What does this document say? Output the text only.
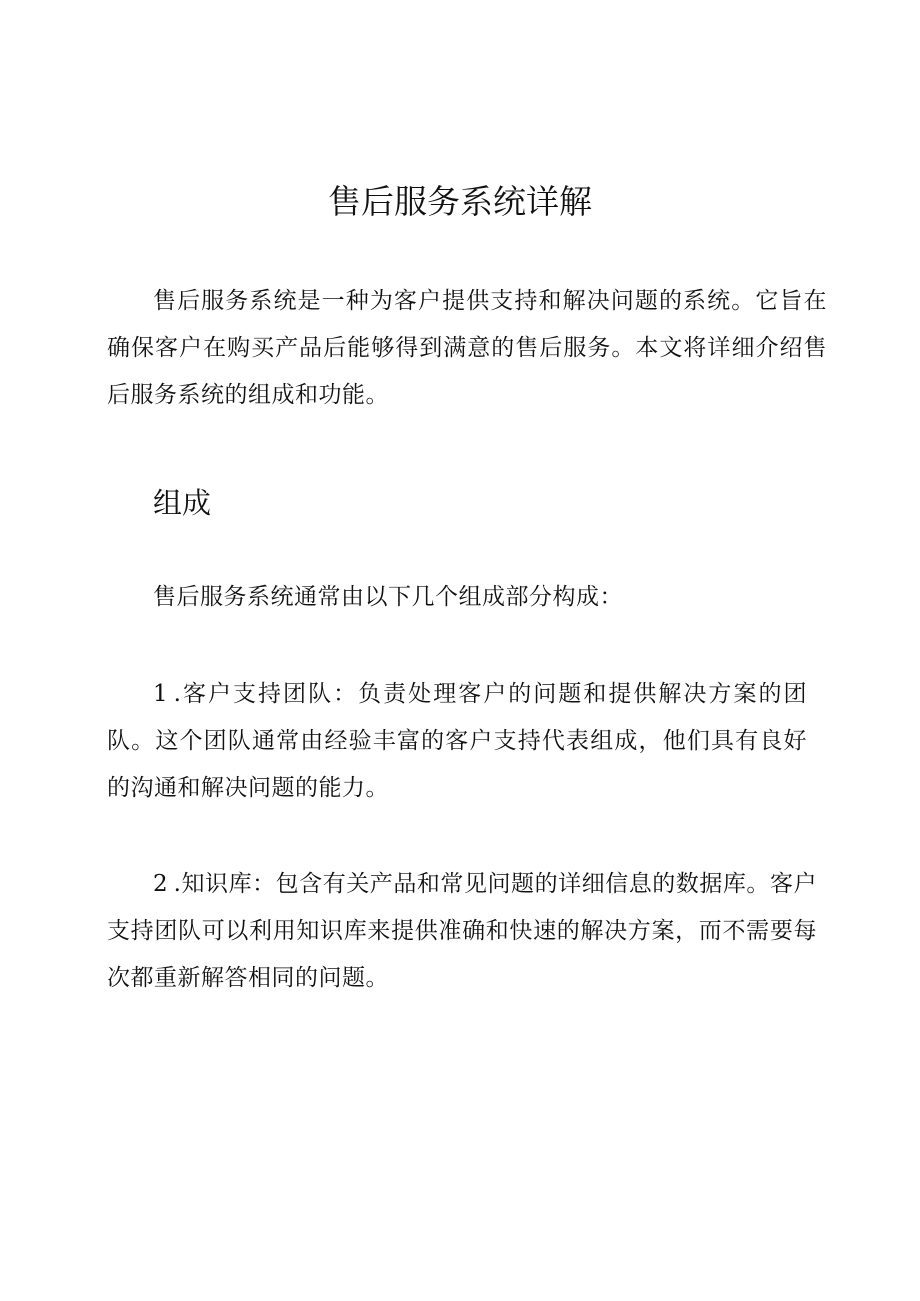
售后服务系统详解

售后服务系统是一种为客户提供支持和解决问题的系统。它旨在确保客户在购买产品后能够得到满意的售后服务。本文将详细介绍售后服务系统的组成和功能。

组成

售后服务系统通常由以下几个组成部分构成：

1.客户支持团队：负责处理客户的问题和提供解决方案的团队。这个团队通常由经验丰富的客户支持代表组成，他们具有良好的沟通和解决问题的能力。

2.知识库：包含有关产品和常见问题的详细信息的数据库。客户支持团队可以利用知识库来提供准确和快速的解决方案，而不需要每次都重新解答相同的问题。
